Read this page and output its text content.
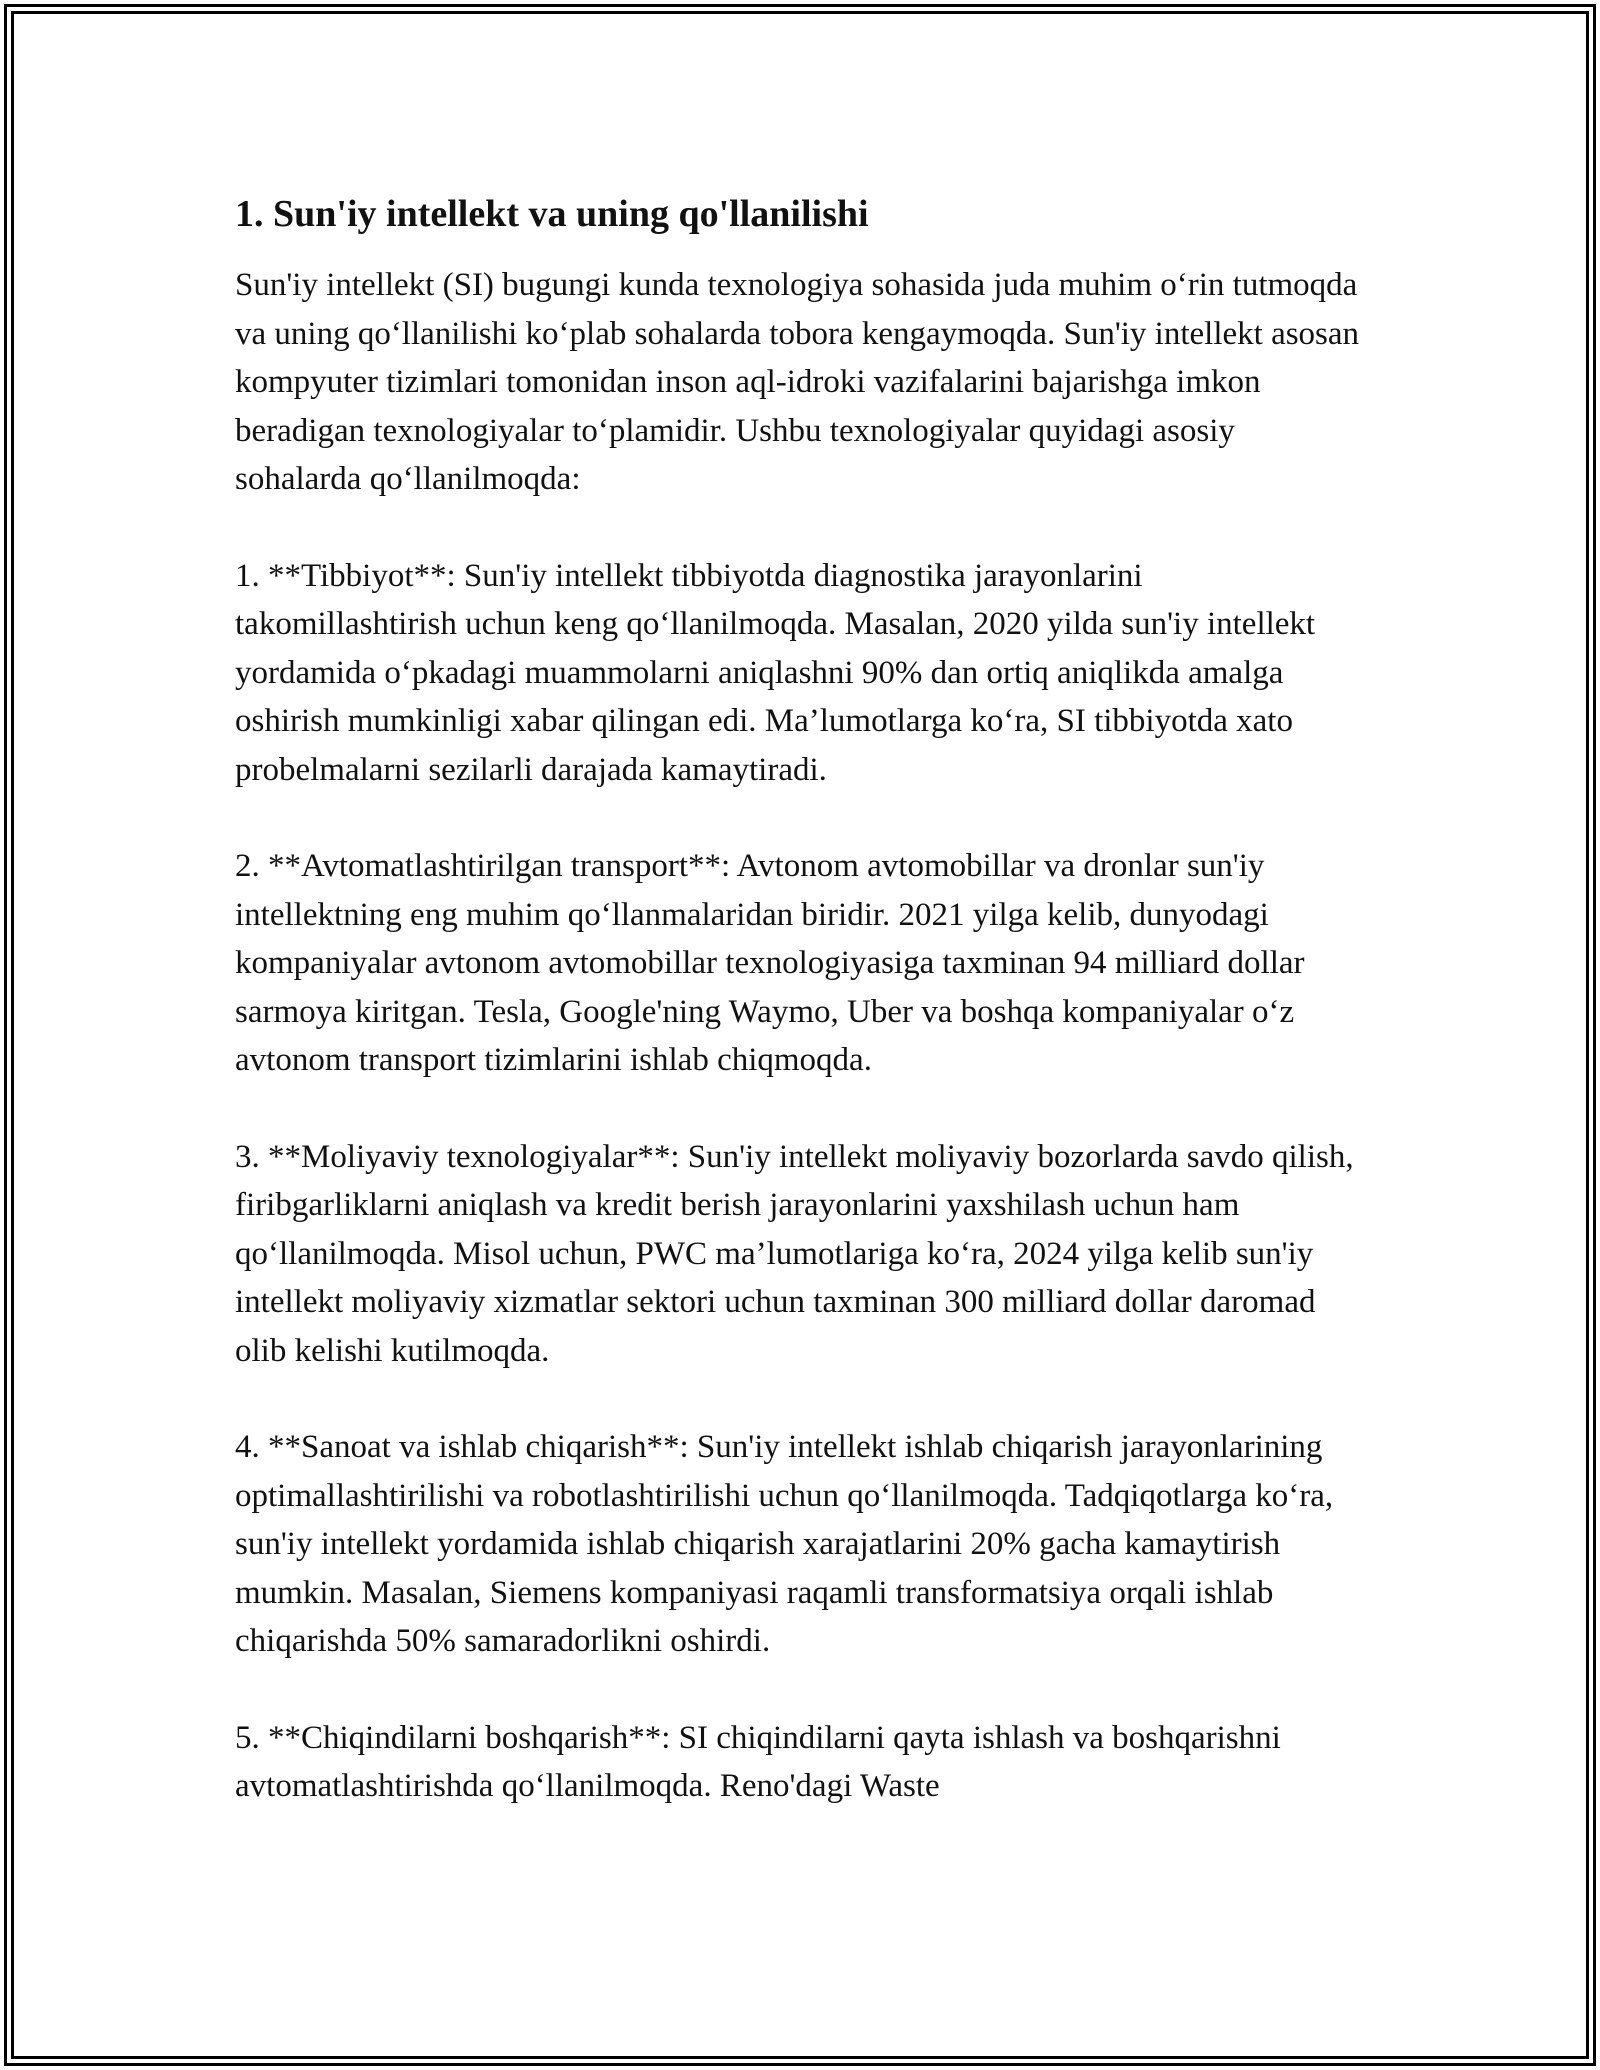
1. Sun'iy intellekt va uning qo'llanilishi

Sun'iy intellekt (SI) bugungi kunda texnologiya sohasida juda muhim o‘rin tutmoqda va uning qo‘llanilishi ko‘plab sohalarda tobora kengaymoqda. Sun'iy intellekt asosan kompyuter tizimlari tomonidan inson aql-idroki vazifalarini bajarishga imkon beradigan texnologiyalar to‘plamidir. Ushbu texnologiyalar quyidagi asosiy sohalarda qo‘llanilmoqda:

1. **Tibbiyot**: Sun'iy intellekt tibbiyotda diagnostika jarayonlarini takomillashtirish uchun keng qo‘llanilmoqda. Masalan, 2020 yilda sun'iy intellekt yordamida o‘pkadagi muammolarni aniqlashni 90% dan ortiq aniqlikda amalga oshirish mumkinligi xabar qilingan edi. Ma’lumotlarga ko‘ra, SI tibbiyotda xato probelmalarni sezilarli darajada kamaytiradi.

2. **Avtomatlashtirilgan transport**: Avtonom avtomobillar va dronlar sun'iy intellektning eng muhim qo‘llanmalaridan biridir. 2021 yilga kelib, dunyodagi kompaniyalar avtonom avtomobillar texnologiyasiga taxminan 94 milliard dollar sarmoya kiritgan. Tesla, Google'ning Waymo, Uber va boshqa kompaniyalar o‘z avtonom transport tizimlarini ishlab chiqmoqda.

3. **Moliyaviy texnologiyalar**: Sun'iy intellekt moliyaviy bozorlarda savdo qilish, firibgarliklarni aniqlash va kredit berish jarayonlarini yaxshilash uchun ham qo‘llanilmoqda. Misol uchun, PWC ma’lumotlariga ko‘ra, 2024 yilga kelib sun'iy intellekt moliyaviy xizmatlar sektori uchun taxminan 300 milliard dollar daromad olib kelishi kutilmoqda.

4. **Sanoat va ishlab chiqarish**: Sun'iy intellekt ishlab chiqarish jarayonlarining optimallashtirilishi va robotlashtirilishi uchun qo‘llanilmoqda. Tadqiqotlarga ko‘ra, sun'iy intellekt yordamida ishlab chiqarish xarajatlarini 20% gacha kamaytirish mumkin. Masalan, Siemens kompaniyasi raqamli transformatsiya orqali ishlab chiqarishda 50% samaradorlikni oshirdi.

5. **Chiqindilarni boshqarish**: SI chiqindilarni qayta ishlash va boshqarishni avtomatlashtirishda qo‘llanilmoqda. Reno'dagi Waste
